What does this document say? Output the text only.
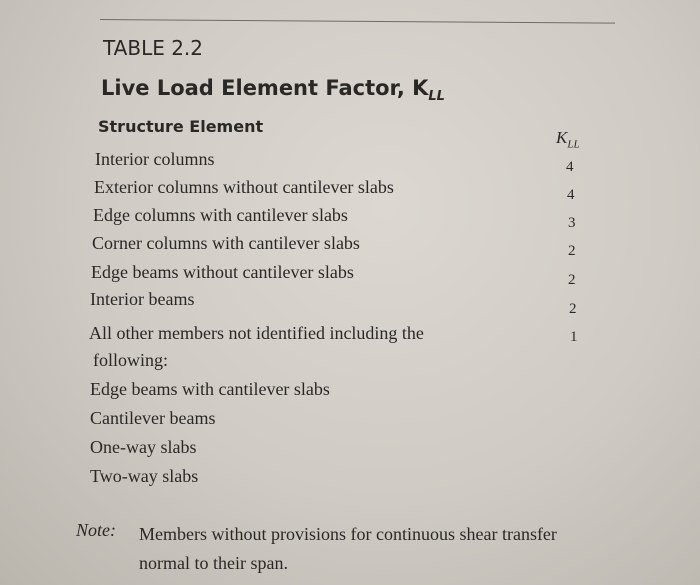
TABLE 2.2
Live Load Element Factor, $K_{LL}$
Structure Element
$K_{LL}$
Interior columns	4
Exterior columns without cantilever slabs	4
Edge columns with cantilever slabs	3
Corner columns with cantilever slabs	2
Edge beams without cantilever slabs	2
Interior beams	2
All other members not identified including the	1
following:
Edge beams with cantilever slabs
Cantilever beams
One-way slabs
Two-way slabs
Note: Members without provisions for continuous shear transfer
normal to their span.
